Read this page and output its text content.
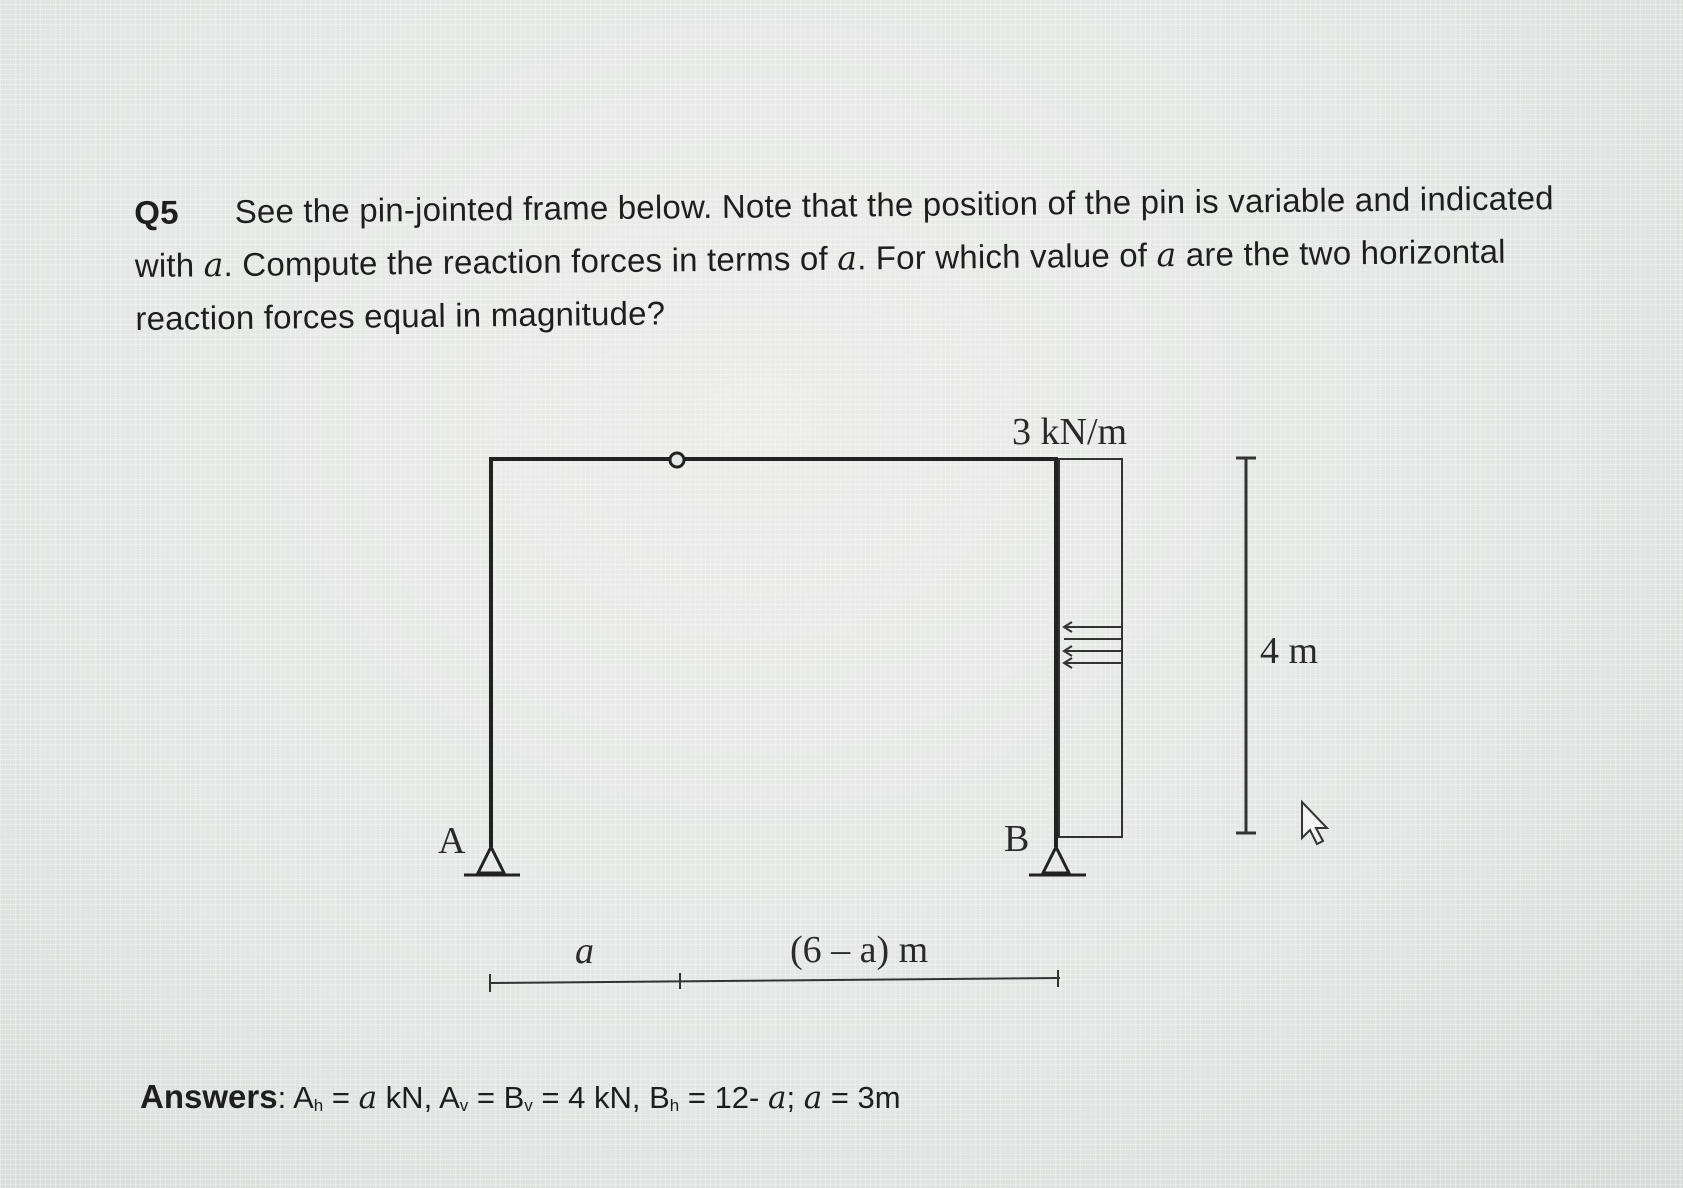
Q5 See the pin-jointed frame below. Note that the position of the pin is variable and indicated with a. Compute the reaction forces in terms of a. For which value of a are the two horizontal reaction forces equal in magnitude?
A	B
3 kN/m
4 m
a	(6 – a) m
Answers: Ah = a kN, Av = Bv = 4 kN, Bh = 12- a; a = 3m
